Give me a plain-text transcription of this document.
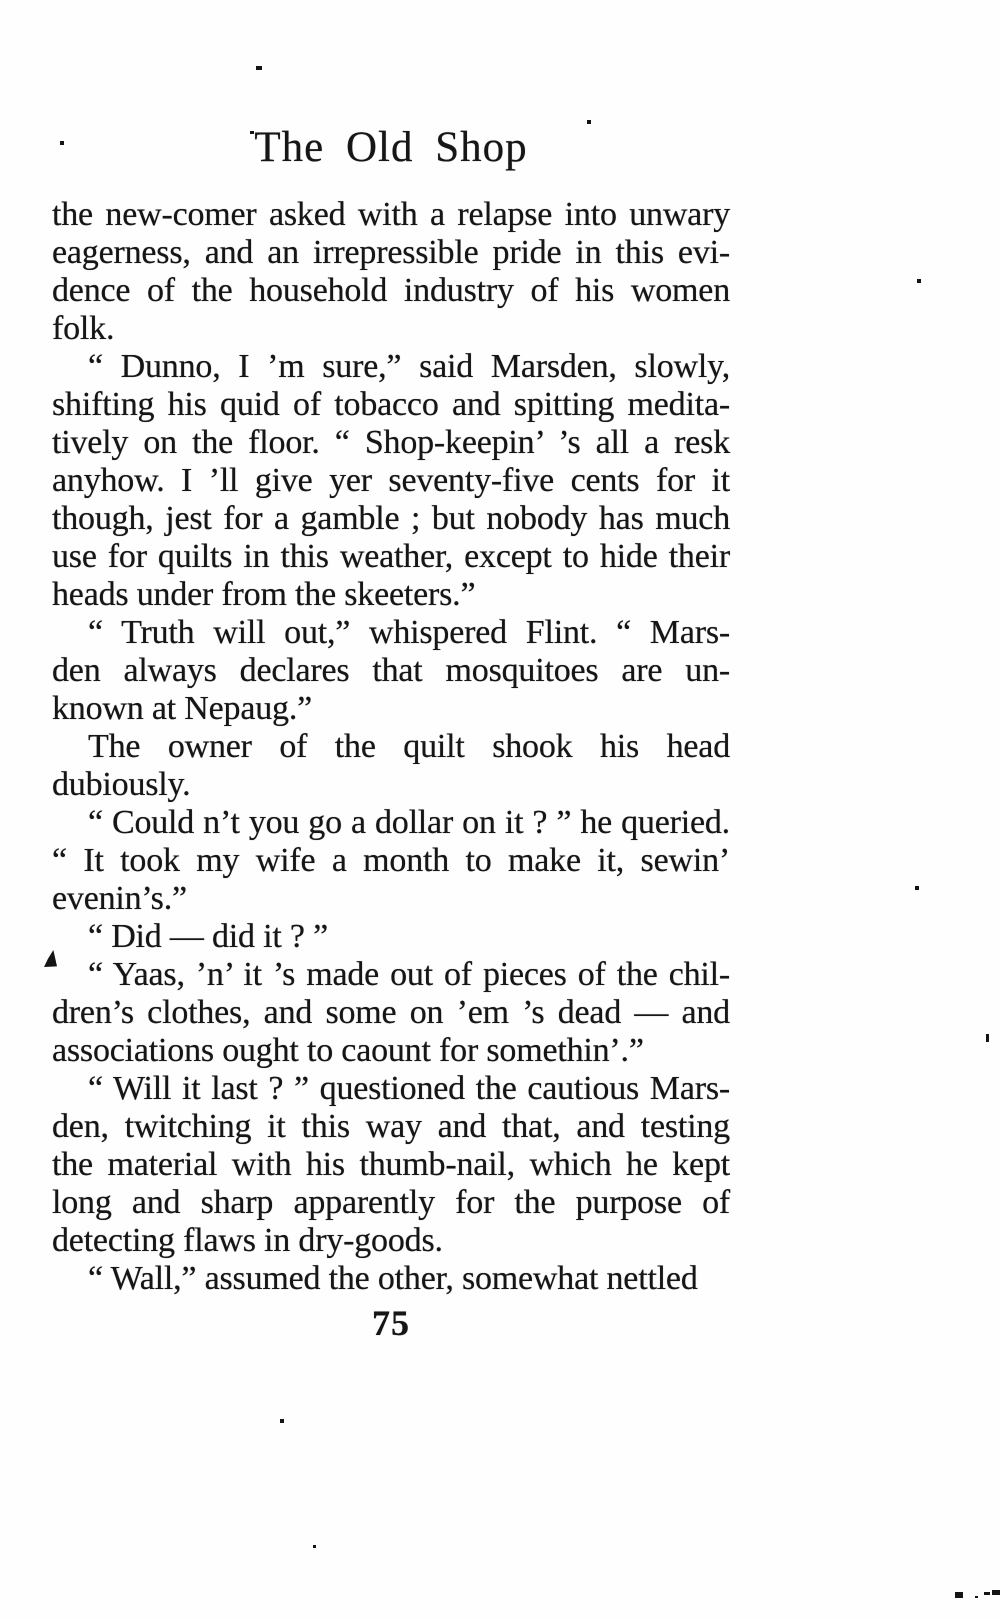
The Old Shop
the new-comer asked with a relapse into unwary
eagerness, and an irrepressible pride in this evi-
dence of the household industry of his women
folk.
“ Dunno, I ’m sure,” said Marsden, slowly,
shifting his quid of tobacco and spitting medita-
tively on the floor. “ Shop-keepin’ ’s all a resk
anyhow. I ’ll give yer seventy-five cents for it
though, jest for a gamble ; but nobody has much
use for quilts in this weather, except to hide their
heads under from the skeeters.”
“ Truth will out,” whispered Flint. “ Mars-
den always declares that mosquitoes are un-
known at Nepaug.”
The owner of the quilt shook his head
dubiously.
“ Could n’t you go a dollar on it ? ” he queried.
“ It took my wife a month to make it, sewin’
evenin’s.”
“ Did — did it ? ”
“ Yaas, ’n’ it ’s made out of pieces of the chil-
dren’s clothes, and some on ’em ’s dead — and
associations ought to caount for somethin’.”
“ Will it last ? ” questioned the cautious Mars-
den, twitching it this way and that, and testing
the material with his thumb-nail, which he kept
long and sharp apparently for the purpose of
detecting flaws in dry-goods.
“ Wall,” assumed the other, somewhat nettled
75
